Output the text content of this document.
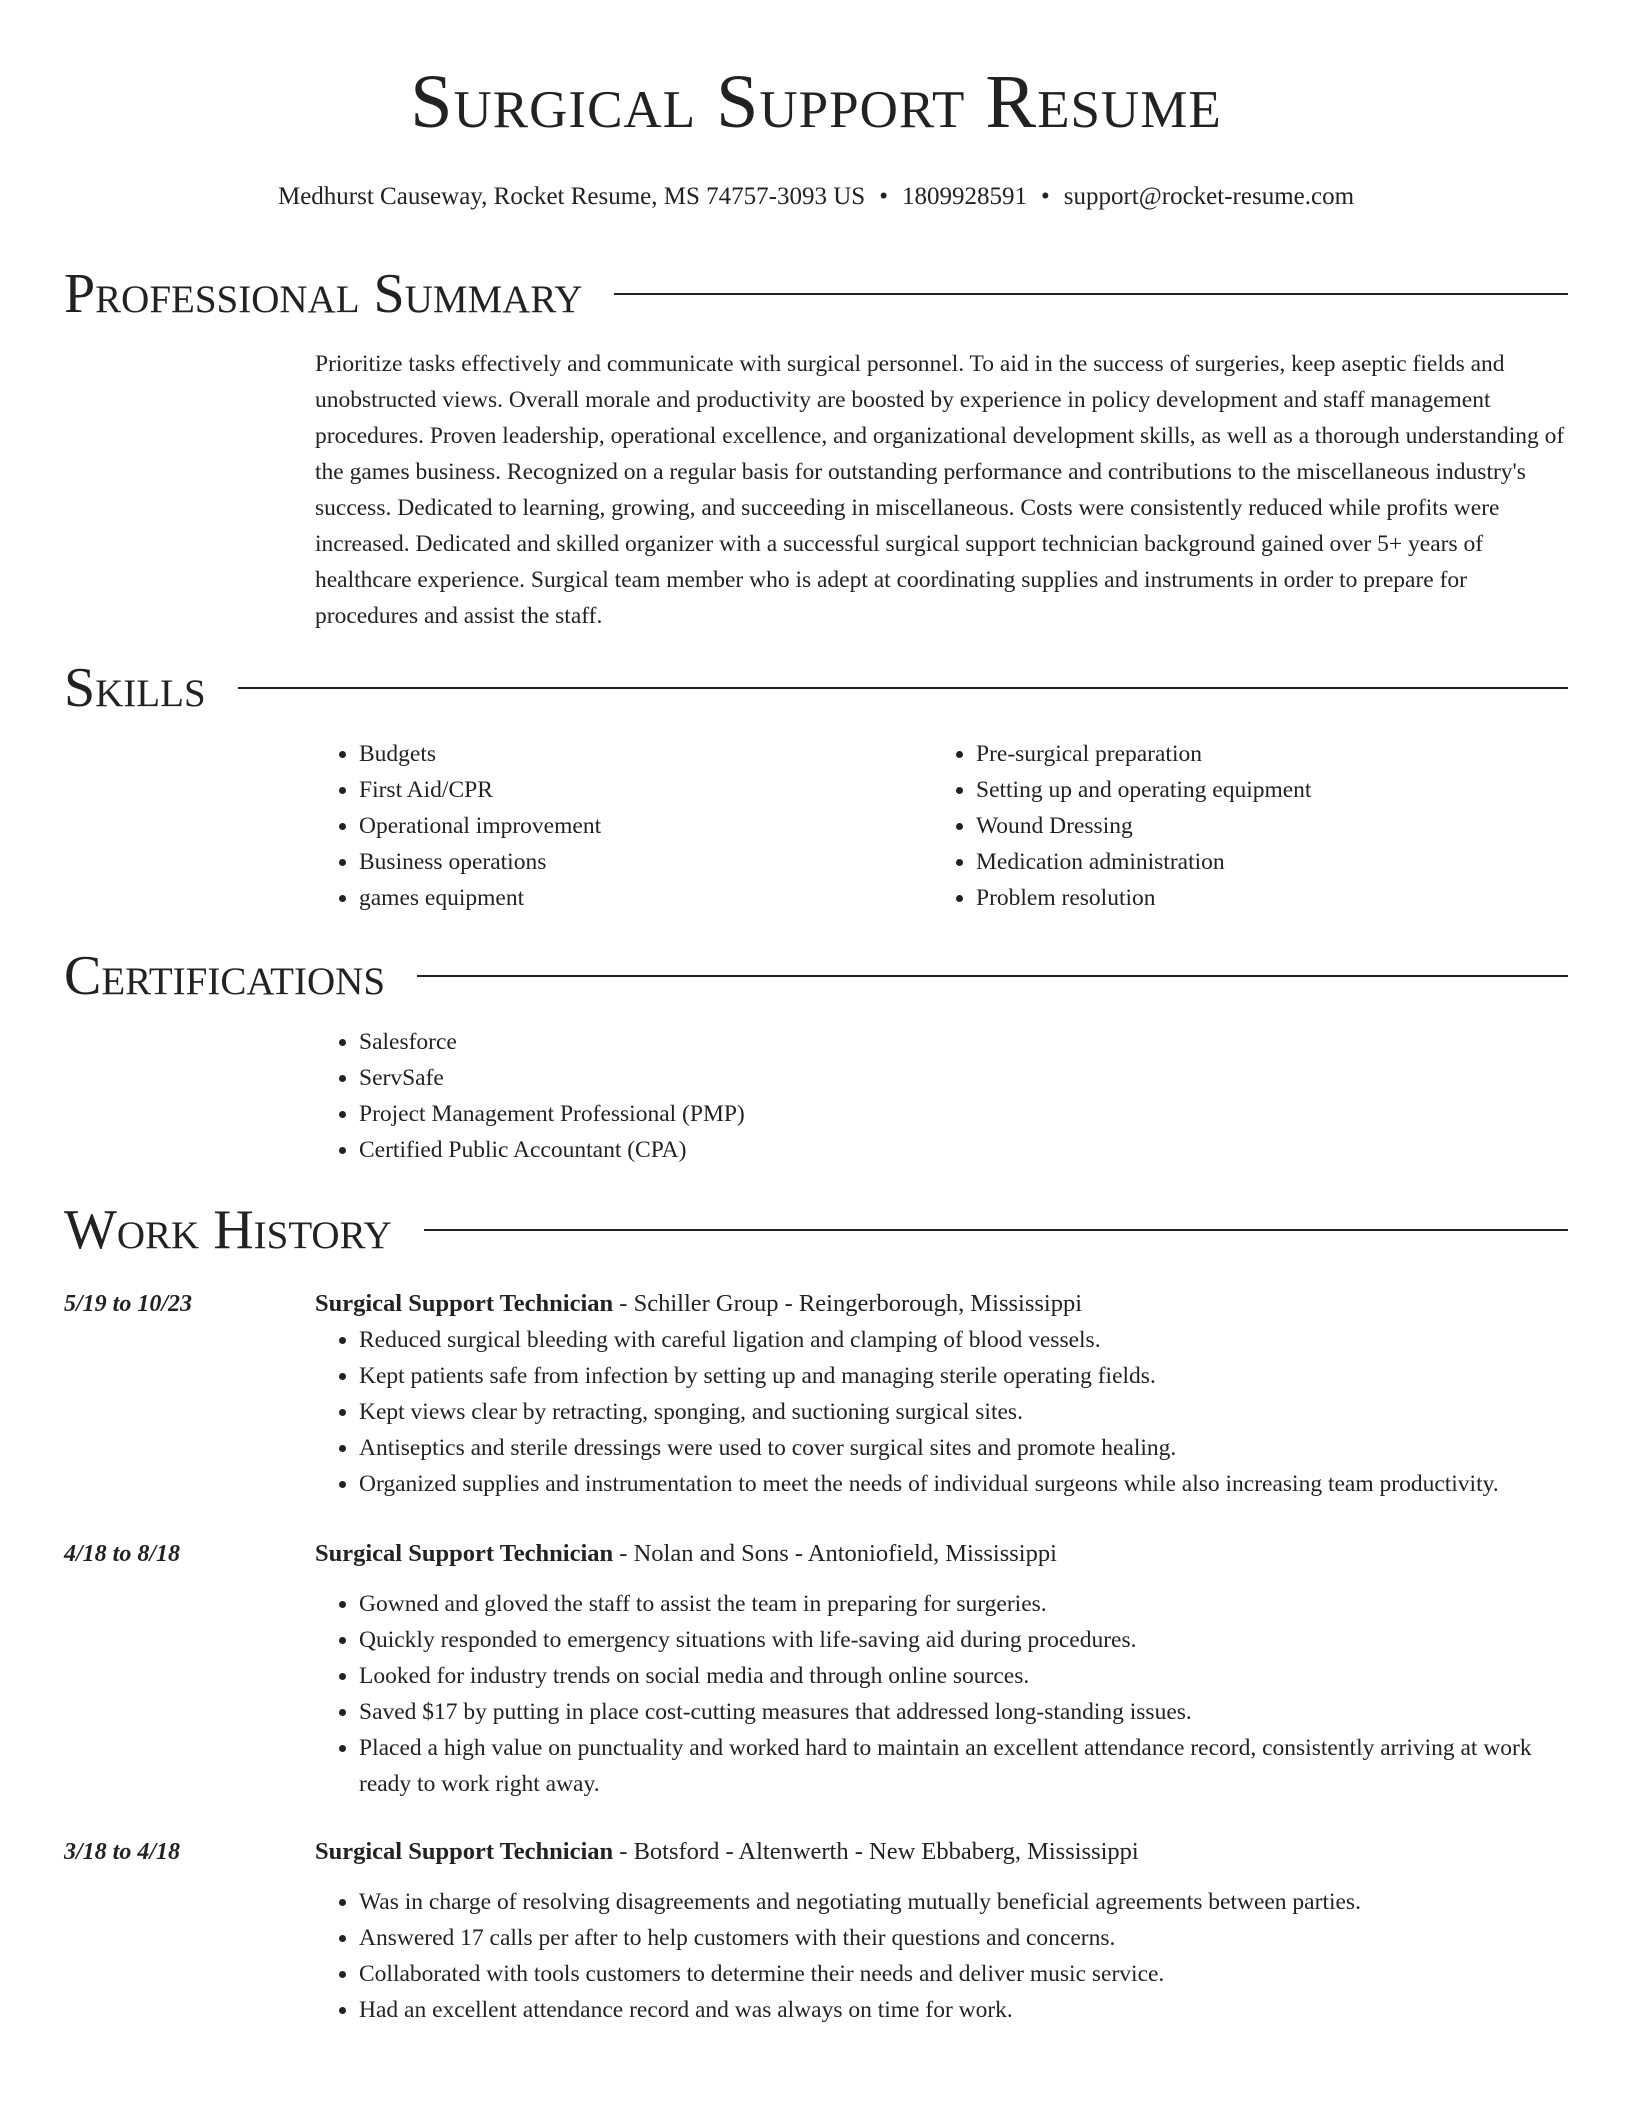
Surgical Support Resume
Medhurst Causeway, Rocket Resume, MS 74757-3093 US • 1809928591 • support@rocket-resume.com
Professional Summary

Prioritize tasks effectively and communicate with surgical personnel. To aid in the success of surgeries, keep aseptic fields and unobstructed views. Overall morale and productivity are boosted by experience in policy development and staff management procedures. Proven leadership, operational excellence, and organizational development skills, as well as a thorough understanding of the games business. Recognized on a regular basis for outstanding performance and contributions to the miscellaneous industry's success. Dedicated to learning, growing, and succeeding in miscellaneous. Costs were consistently reduced while profits were increased. Dedicated and skilled organizer with a successful surgical support technician background gained over 5+ years of healthcare experience. Surgical team member who is adept at coordinating supplies and instruments in order to prepare for procedures and assist the staff.

Skills
• Budgets
• First Aid/CPR
• Operational improvement
• Business operations
• games equipment
• Pre-surgical preparation
• Setting up and operating equipment
• Wound Dressing
• Medication administration
• Problem resolution
Certifications
• Salesforce
• ServSafe
• Project Management Professional (PMP)
• Certified Public Accountant (CPA)
Work History
5/19 to 10/23	Surgical Support Technician - Schiller Group - Reingerborough, Mississippi
• Reduced surgical bleeding with careful ligation and clamping of blood vessels.
• Kept patients safe from infection by setting up and managing sterile operating fields.
• Kept views clear by retracting, sponging, and suctioning surgical sites.
• Antiseptics and sterile dressings were used to cover surgical sites and promote healing.
• Organized supplies and instrumentation to meet the needs of individual surgeons while also increasing team productivity.
4/18 to 8/18	Surgical Support Technician - Nolan and Sons - Antoniofield, Mississippi
• Gowned and gloved the staff to assist the team in preparing for surgeries.
• Quickly responded to emergency situations with life-saving aid during procedures.
• Looked for industry trends on social media and through online sources.
• Saved $17 by putting in place cost-cutting measures that addressed long-standing issues.
• Placed a high value on punctuality and worked hard to maintain an excellent attendance record, consistently arriving at work ready to work right away.
3/18 to 4/18	Surgical Support Technician - Botsford - Altenwerth - New Ebbaberg, Mississippi
• Was in charge of resolving disagreements and negotiating mutually beneficial agreements between parties.
• Answered 17 calls per after to help customers with their questions and concerns.
• Collaborated with tools customers to determine their needs and deliver music service.
• Had an excellent attendance record and was always on time for work.
